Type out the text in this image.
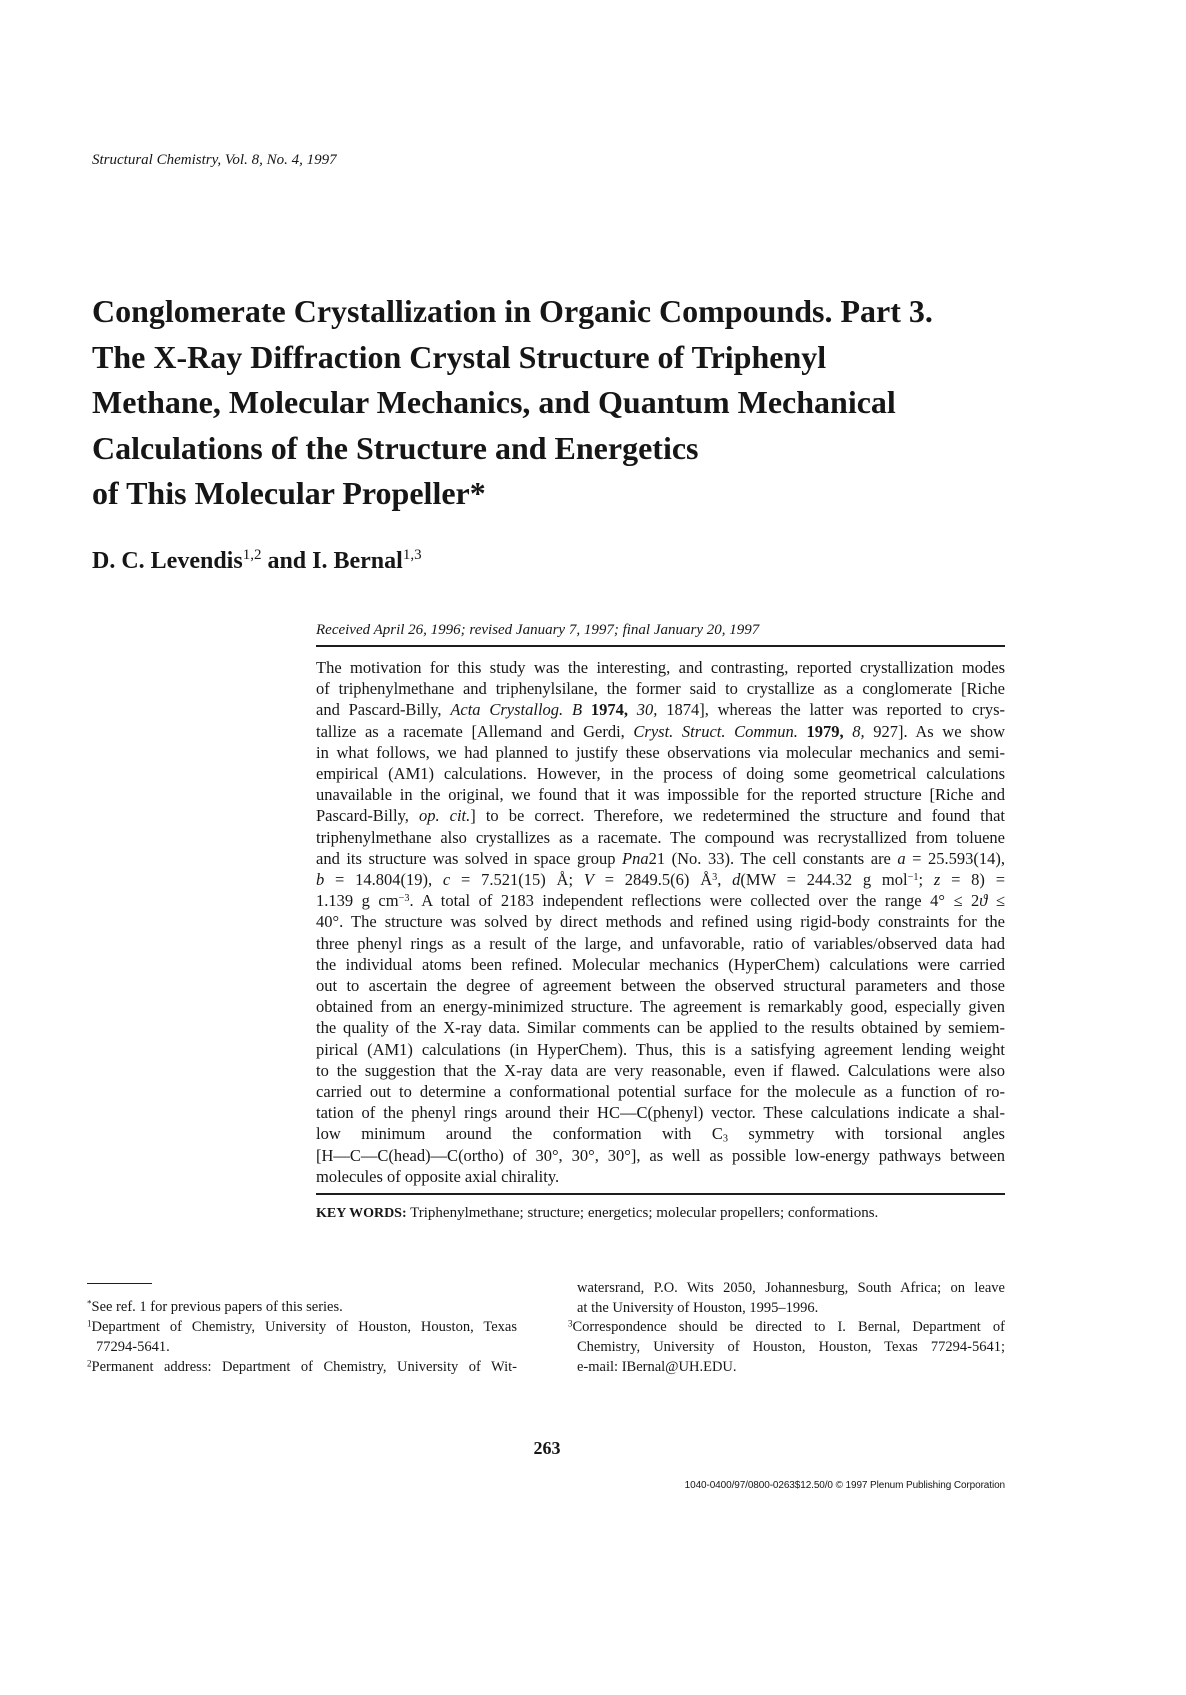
Structural Chemistry, Vol. 8, No. 4, 1997
Conglomerate Crystallization in Organic Compounds. Part 3.
The X-Ray Diffraction Crystal Structure of Triphenyl
Methane, Molecular Mechanics, and Quantum Mechanical
Calculations of the Structure and Energetics
of This Molecular Propeller*
D. C. Levendis$^{1,2}$ and I. Bernal$^{1,3}$
Received April 26, 1996; revised January 7, 1997; final January 20, 1997
The motivation for this study was the interesting, and contrasting, reported crystallization modes
of triphenylmethane and triphenylsilane, the former said to crystallize as a conglomerate [Riche
and Pascard-Billy, Acta Crystallog. B 1974, 30, 1874], whereas the latter was reported to crys-
tallize as a racemate [Allemand and Gerdi, Cryst. Struct. Commun. 1979, 8, 927]. As we show
in what follows, we had planned to justify these observations via molecular mechanics and semi-
empirical (AM1) calculations. However, in the process of doing some geometrical calculations
unavailable in the original, we found that it was impossible for the reported structure [Riche and
Pascard-Billy, op. cit.] to be correct. Therefore, we redetermined the structure and found that
triphenylmethane also crystallizes as a racemate. The compound was recrystallized from toluene
and its structure was solved in space group Pna21 (No. 33). The cell constants are a = 25.593(14),
b = 14.804(19), c = 7.521(15) Å; V = 2849.5(6) $Å^3$, d(MW = 244.32 g mol$^{-1}$; z = 8) =
1.139 g $cm^{-3}$. A total of 2183 independent reflections were collected over the range 4° ≤ 2ϑ ≤
40°. The structure was solved by direct methods and refined using rigid-body constraints for the
three phenyl rings as a result of the large, and unfavorable, ratio of variables/observed data had
the individual atoms been refined. Molecular mechanics (HyperChem) calculations were carried
out to ascertain the degree of agreement between the observed structural parameters and those
obtained from an energy-minimized structure. The agreement is remarkably good, especially given
the quality of the X-ray data. Similar comments can be applied to the results obtained by semiem-
pirical (AM1) calculations (in HyperChem). Thus, this is a satisfying agreement lending weight
to the suggestion that the X-ray data are very reasonable, even if flawed. Calculations were also
carried out to determine a conformational potential surface for the molecule as a function of ro-
tation of the phenyl rings around their HC—C(phenyl) vector. These calculations indicate a shal-
low minimum around the conformation with $C_3$ symmetry with torsional angles
[H—C—C(head)—C(ortho) of 30°, 30°, 30°], as well as possible low-energy pathways between
molecules of opposite axial chirality.
KEY WORDS: Triphenylmethane; structure; energetics; molecular propellers; conformations.
*See ref. 1 for previous papers of this series.
$^1$Department of Chemistry, University of Houston, Houston, Texas
77294-5641.
$^2$Permanent address: Department of Chemistry, University of Wit-
watersrand, P.O. Wits 2050, Johannesburg, South Africa; on leave
at the University of Houston, 1995–1996.
$^3$Correspondence should be directed to I. Bernal, Department of
Chemistry, University of Houston, Houston, Texas 77294-5641;
e-mail: IBernal@UH.EDU.
263
1040-0400/97/0800-0263$12.50/0 © 1997 Plenum Publishing Corporation
